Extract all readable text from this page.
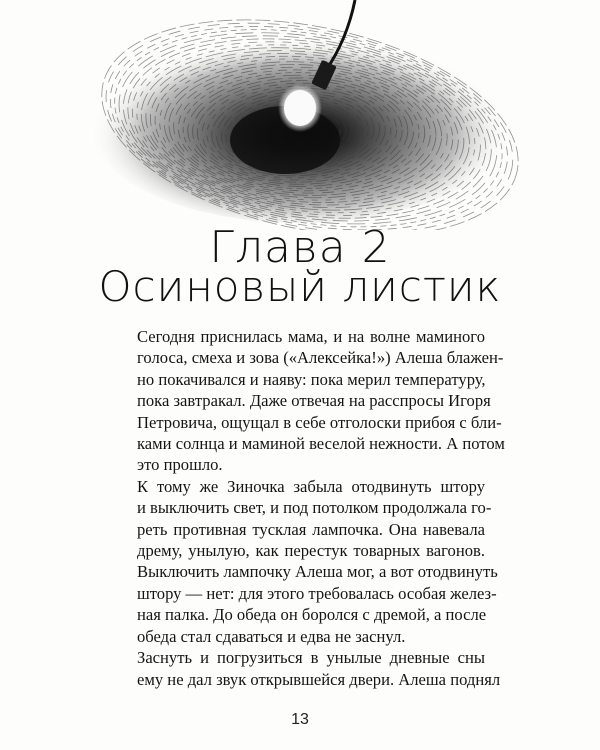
Глава 2
Осиновый листик
Сегодня приснилась мама, и на волне маминого
голоса, смеха и зова («Алексейка!») Алеша блажен-
но покачивался и наяву: пока мерил температуру,
пока завтракал. Даже отвечая на расспросы Игоря
Петровича, ощущал в себе отголоски прибоя с бли-
ками солнца и маминой веселой нежности. А потом
это прошло.
К тому же Зиночка забыла отодвинуть штору
и выключить свет, и под потолком продолжала го-
реть противная тусклая лампочка. Она навевала
дрему, унылую, как перестук товарных вагонов.
Выключить лампочку Алеша мог, а вот отодвинуть
штору — нет: для этого требовалась особая желез-
ная палка. До обеда он боролся с дремой, а после
обеда стал сдаваться и едва не заснул.
Заснуть и погрузиться в унылые дневные сны
ему не дал звук открывшейся двери. Алеша поднял
13
